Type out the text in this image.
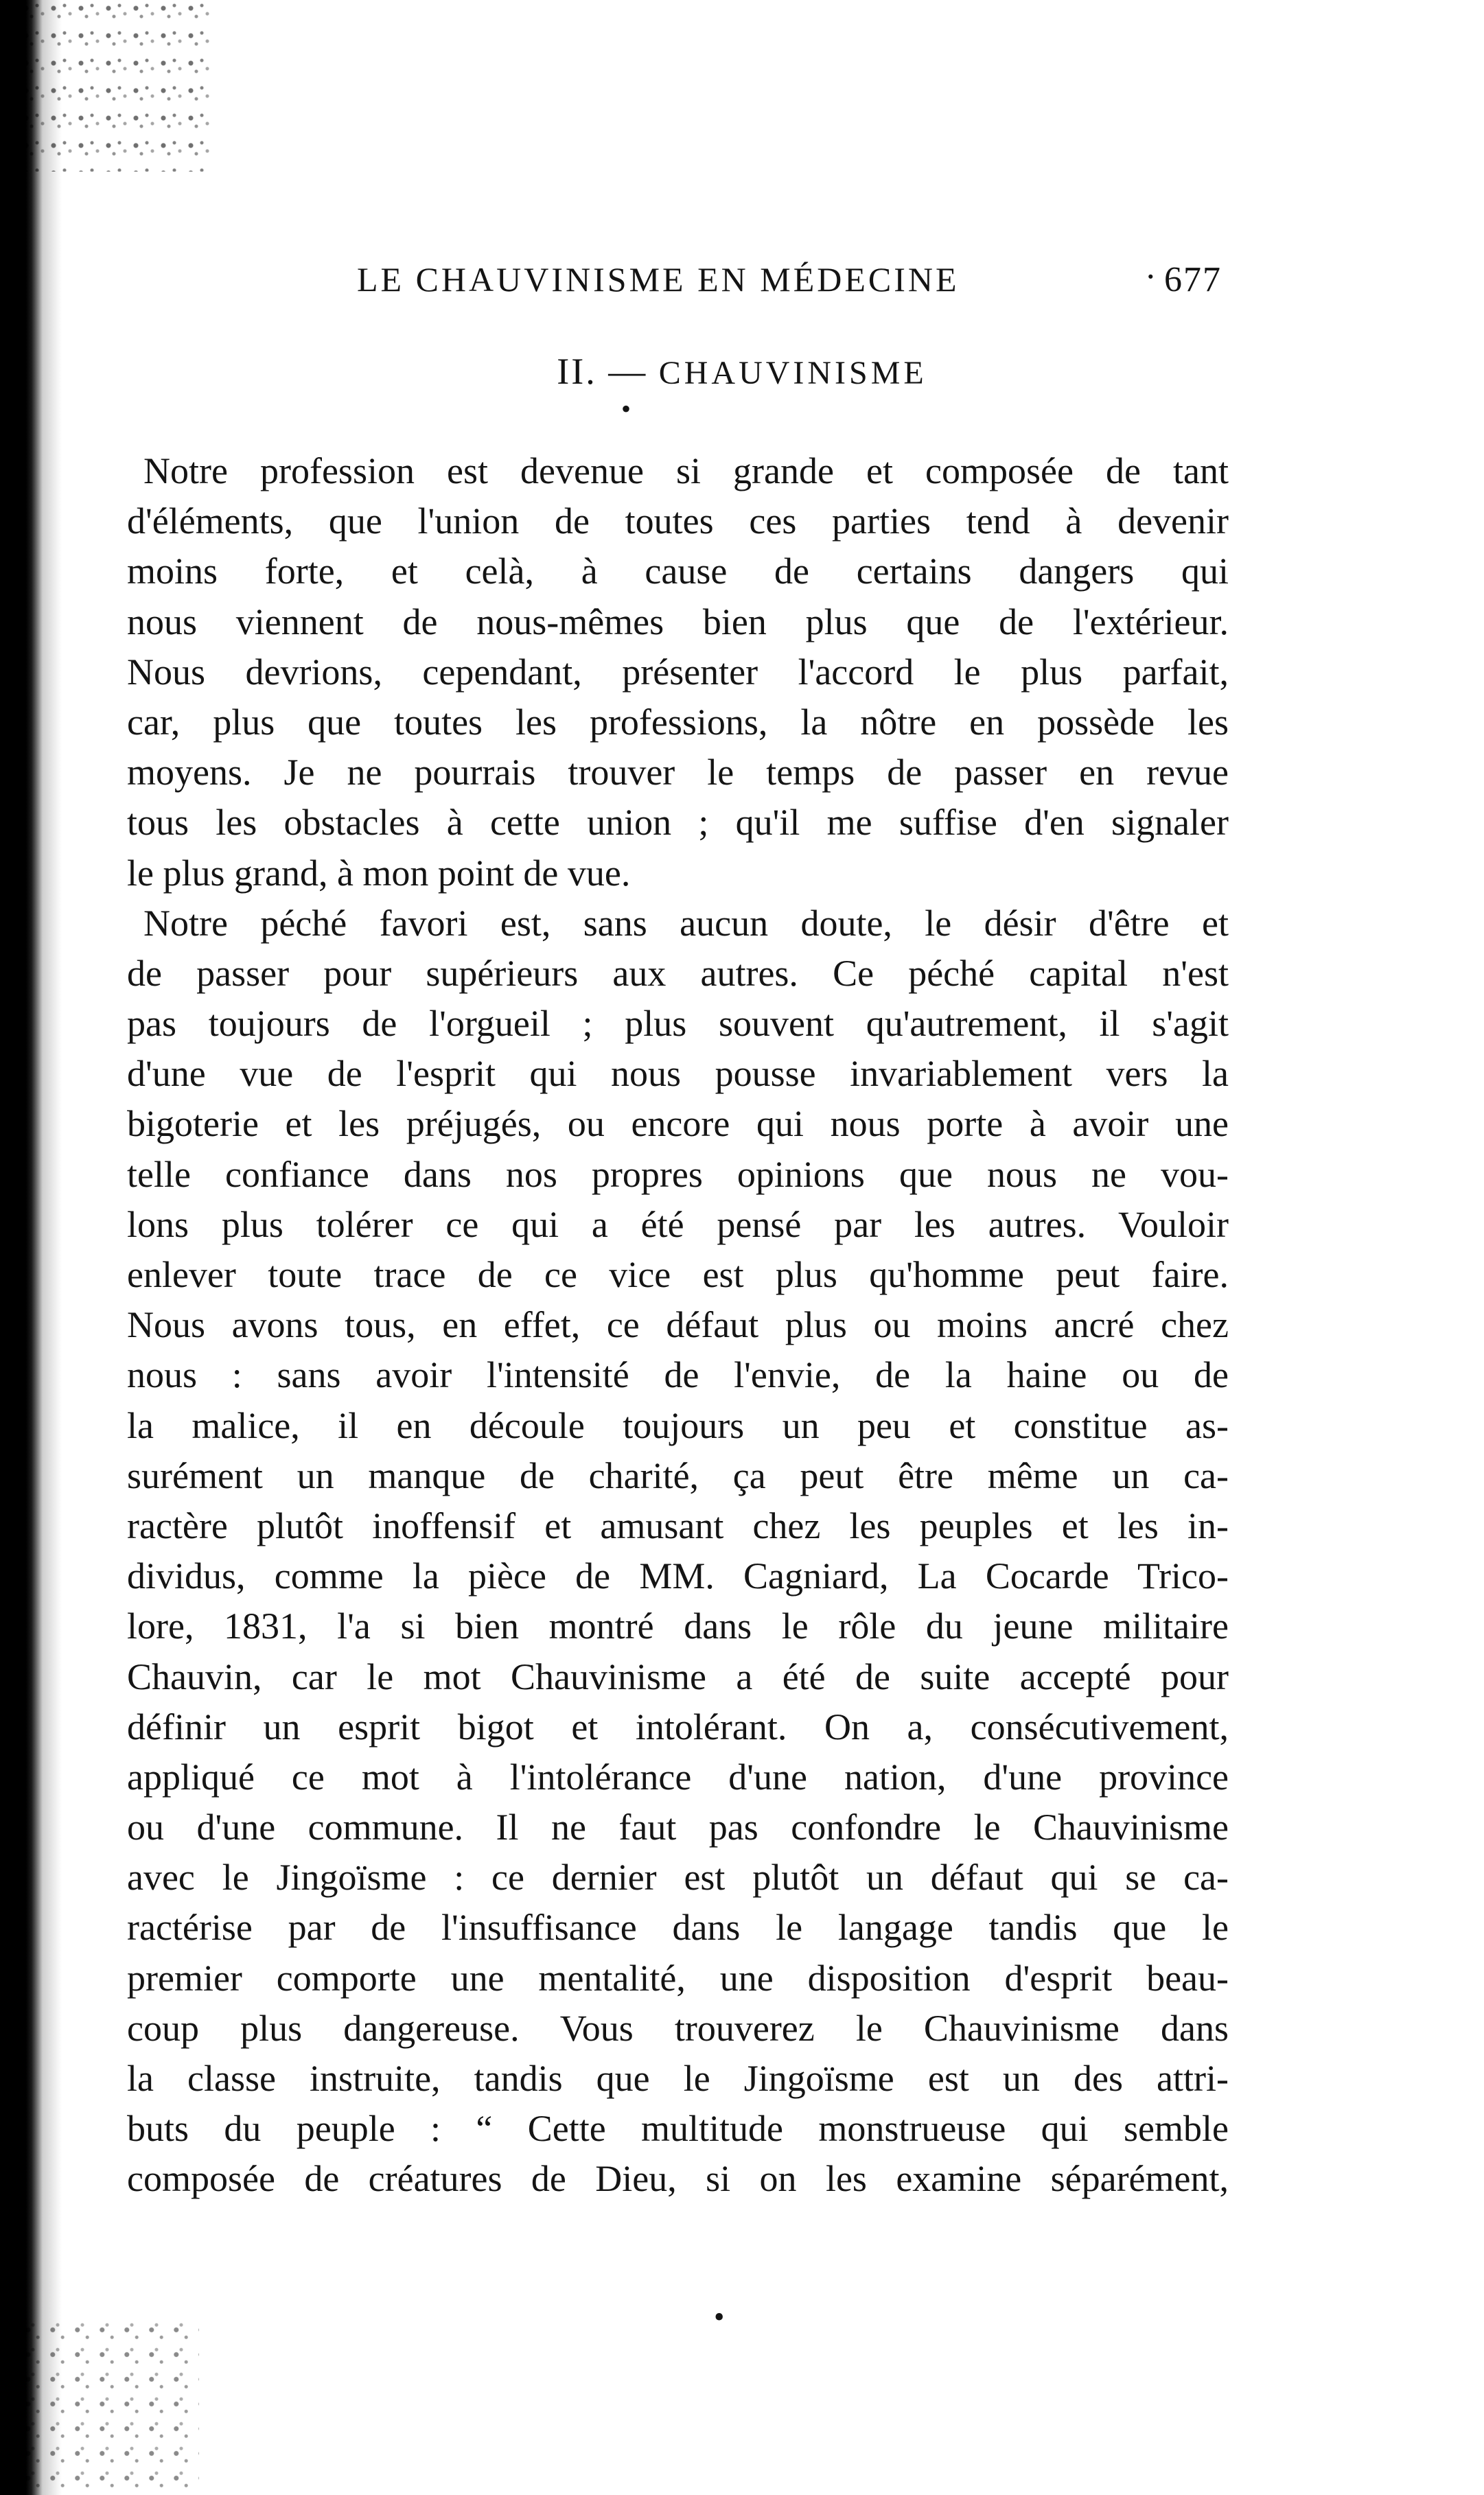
LE CHAUVINISME EN MÉDECINE	· 677
II. — CHAUVINISME
•
Notre profession est devenue si grande et composée de tant
d'éléments, que l'union de toutes ces parties tend à devenir
moins forte, et celà, à cause de certains dangers qui
nous viennent de nous-mêmes bien plus que de l'extérieur.
Nous devrions, cependant, présenter l'accord le plus parfait,
car, plus que toutes les professions, la nôtre en possède les
moyens. Je ne pourrais trouver le temps de passer en revue
tous les obstacles à cette union ; qu'il me suffise d'en signaler
le plus grand, à mon point de vue.
Notre péché favori est, sans aucun doute, le désir d'être et
de passer pour supérieurs aux autres. Ce péché capital n'est
pas toujours de l'orgueil ; plus souvent qu'autrement, il s'agit
d'une vue de l'esprit qui nous pousse invariablement vers la
bigoterie et les préjugés, ou encore qui nous porte à avoir une
telle confiance dans nos propres opinions que nous ne vou-
lons plus tolérer ce qui a été pensé par les autres. Vouloir
enlever toute trace de ce vice est plus qu'homme peut faire.
Nous avons tous, en effet, ce défaut plus ou moins ancré chez
nous : sans avoir l'intensité de l'envie, de la haine ou de
la malice, il en découle toujours un peu et constitue as-
surément un manque de charité, ça peut être même un ca-
ractère plutôt inoffensif et amusant chez les peuples et les in-
dividus, comme la pièce de MM. Cagniard, La Cocarde Trico-
lore, 1831, l'a si bien montré dans le rôle du jeune militaire
Chauvin, car le mot Chauvinisme a été de suite accepté pour
définir un esprit bigot et intolérant. On a, consécutivement,
appliqué ce mot à l'intolérance d'une nation, d'une province
ou d'une commune. Il ne faut pas confondre le Chauvinisme
avec le Jingoïsme : ce dernier est plutôt un défaut qui se ca-
ractérise par de l'insuffisance dans le langage tandis que le
premier comporte une mentalité, une disposition d'esprit beau-
coup plus dangereuse. Vous trouverez le Chauvinisme dans
la classe instruite, tandis que le Jingoïsme est un des attri-
buts du peuple : “ Cette multitude monstrueuse qui semble
composée de créatures de Dieu, si on les examine séparément,
•
